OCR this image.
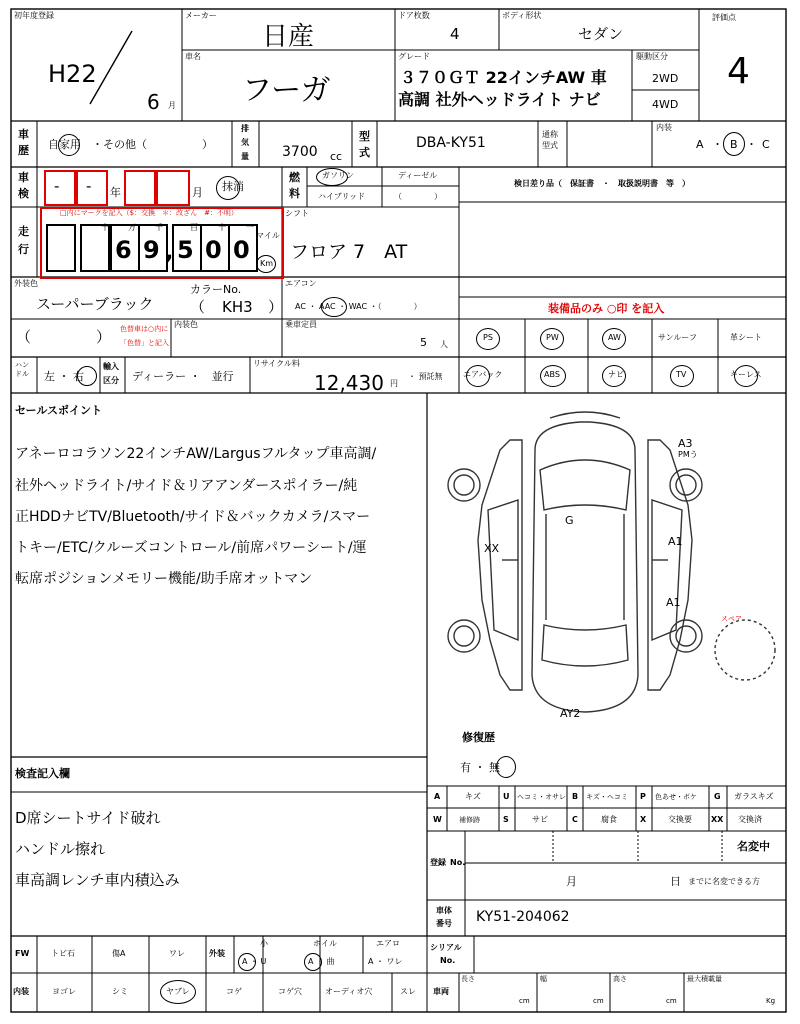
初年度登録
H22
6 月
メーカー
日産
ドア枚数
4
ボディ形状
セダン
評価点
4
車名
フーガ
グレード
３７０ＧＴ 22インチAW 車
高調 社外ヘッドライト ナビ
駆動区分
2WD
4WD
車
歴 自家用　・その他（　　　　　）
排
気
量 3700 cc
型
式
DBA-KY51
通称
型式
内装
A ・ B ・ C
車
検 - - 年	月 抹消
燃
料
ガソリン	ディーゼル
ハイブリッド	（　　　　）
検日差り品（　保証書　・　取扱説明書　等　）
走
行
□内にマークを記入（$：交換　＊：改ざん　#：不明）
十 万 千	百	十	一
6 9 , 5 0 0
マイル
Km
シフト
フロア 7　AT
外装色
スーパーブラック
カラーNo.
（ KH3 ）
エアコン
AC ・ AAC ・ WAC ・（　　　　）	装備品のみ ○印 を記入
（	） 色替車は○内に
「色替」と記入
内装色	乗車定員
5 人
PS	PW	AW	サンルーフ	革シート
エアバック	ABS	ナビ	TV	キーレス
ハンドル 左 ・ 右
輸入
区分 ディーラー ・　並行
リサイクル料
12,430 円
・ 預託無
セールスポイント
アネーロコラソン22インチAW/Largusフルタップ車高調/
社外ヘッドライト/サイド＆リアアンダースポイラー/純
正HDDナビTV/Bluetooth/サイド＆バックカメラ/スマー
トキー/ETC/クルーズコントロール/前席パワーシート/運
転席ポジションメモリー機能/助手席オットマン
A3
PMう
G
XX
A1
A1
AY2
スペア
修復歴
有 ・ 無
検査記入欄
D席シートサイド破れ
ハンドル擦れ
車高調レンチ車内積込み
A	キズ	U ヘコミ・オサレ B キズ・ヘコミ P 色あせ・ボケ G ガラスキズ
W 補修跡	S	サビ	C	腐食	X	交換要 XX 交換済
登録 No.
名変中
月	日 までに名変できる方
車体
番号 KY51-204062
シリアル
No.
FW	トビ石	傷A	ワレ	外装
小
A ・ U
ホイル
A ・ 曲
エアロ
A ・ ワレ
内装	ヨゴレ	シミ	ヤブレ	コゲ	コゲ穴	オーディオ穴	スレ 車両
長さ
cm
幅
cm
高さ
cm
最大積載量
Kg
